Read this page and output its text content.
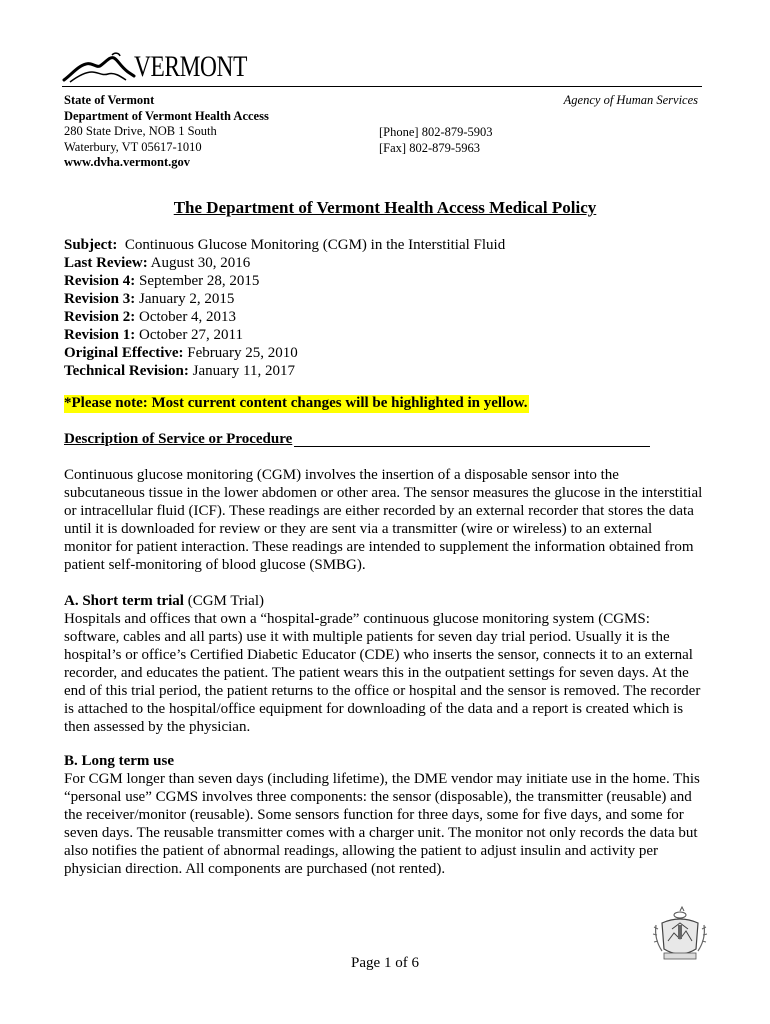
VERMONT
State of Vermont
Department of Vermont Health Access
280 State Drive, NOB 1 South
Waterbury, VT 05617-1010
www.dvha.vermont.gov
Agency of Human Services
[Phone] 802-879-5903
[Fax] 802-879-5963
The Department of Vermont Health Access Medical Policy
Subject:  Continuous Glucose Monitoring (CGM) in the Interstitial Fluid
Last Review: August 30, 2016
Revision 4: September 28, 2015
Revision 3: January 2, 2015
Revision 2: October 4, 2013
Revision 1: October 27, 2011
Original Effective: February 25, 2010
Technical Revision: January 11, 2017
*Please note: Most current content changes will be highlighted in yellow.
Description of Service or Procedure
Continuous glucose monitoring (CGM) involves the insertion of a disposable sensor into the
subcutaneous tissue in the lower abdomen or other area. The sensor measures the glucose in the interstitial
or intracellular fluid (ICF). These readings are either recorded by an external recorder that stores the data
until it is downloaded for review or they are sent via a transmitter (wire or wireless) to an external
monitor for patient interaction. These readings are intended to supplement the information obtained from
patient self-monitoring of blood glucose (SMBG).
A. Short term trial (CGM Trial)
Hospitals and offices that own a “hospital-grade” continuous glucose monitoring system (CGMS:
software, cables and all parts) use it with multiple patients for seven day trial period. Usually it is the
hospital’s or office’s Certified Diabetic Educator (CDE) who inserts the sensor, connects it to an external
recorder, and educates the patient. The patient wears this in the outpatient settings for seven days. At the
end of this trial period, the patient returns to the office or hospital and the sensor is removed. The recorder
is attached to the hospital/office equipment for downloading of the data and a report is created which is
then assessed by the physician.
B. Long term use
For CGM longer than seven days (including lifetime), the DME vendor may initiate use in the home. This
“personal use” CGMS involves three components: the sensor (disposable), the transmitter (reusable) and
the receiver/monitor (reusable). Some sensors function for three days, some for five days, and some for
seven days. The reusable transmitter comes with a charger unit. The monitor not only records the data but
also notifies the patient of abnormal readings, allowing the patient to adjust insulin and activity per
physician direction. All components are purchased (not rented).
Page 1 of 6
